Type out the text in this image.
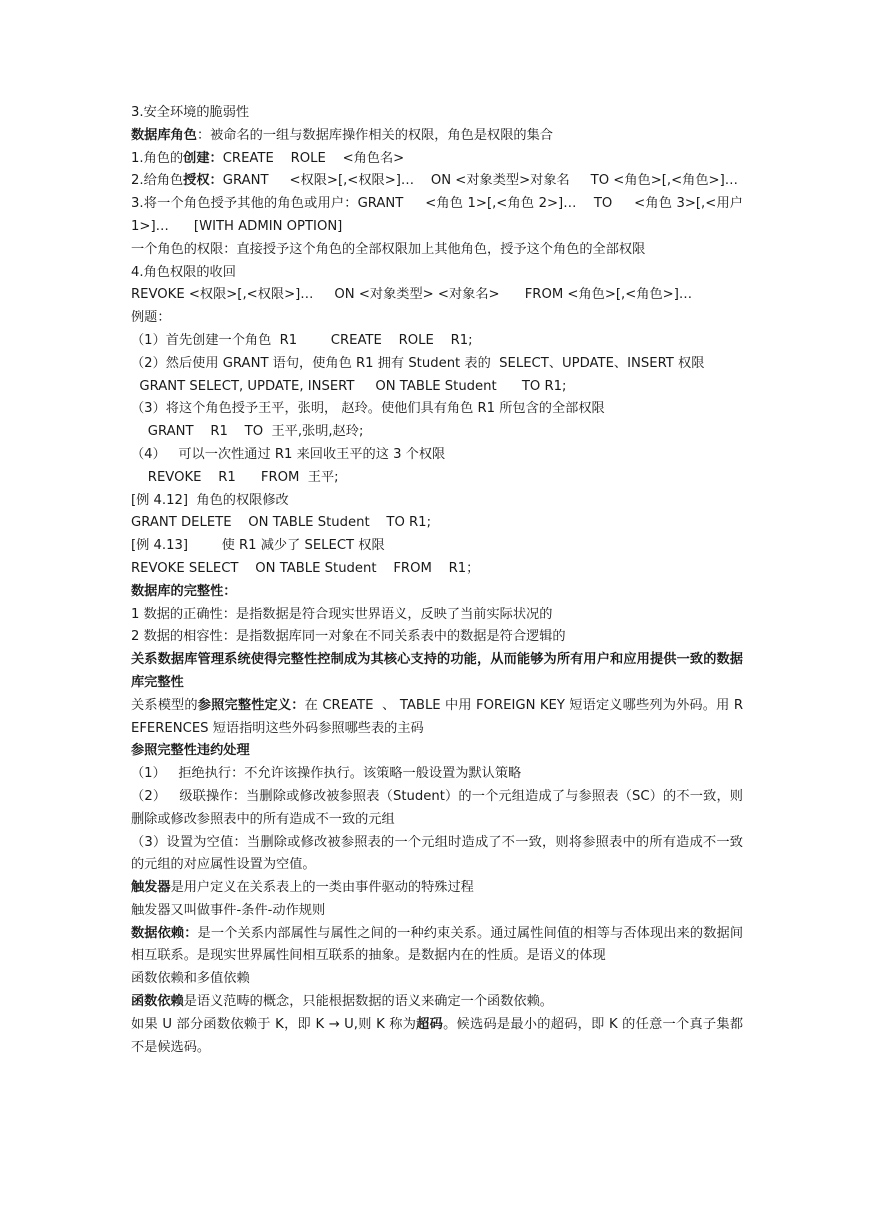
3.安全环境的脆弱性
数据库角色：被命名的一组与数据库操作相关的权限，角色是权限的集合
1.角色的创建：CREATE    ROLE    <角色名>
2.给角色授权：GRANT     <权限>[,<权限>]…    ON <对象类型>对象名     TO <角色>[,<角色>]…
3.将一个角色授予其他的角色或用户：GRANT     <角色 1>[,<角色 2>]…    TO     <角色 3>[,<用户 1>]…      [WITH ADMIN OPTION]
一个角色的权限：直接授予这个角色的全部权限加上其他角色，授予这个角色的全部权限
4.角色权限的收回
REVOKE <权限>[,<权限>]…     ON <对象类型> <对象名>      FROM <角色>[,<角色>]…
例题：
（1）首先创建一个角色  R1        CREATE    ROLE    R1;
（2）然后使用 GRANT 语句，使角色 R1 拥有 Student 表的  SELECT、UPDATE、INSERT 权限
GRANT SELECT, UPDATE, INSERT     ON TABLE Student      TO R1;
（3）将这个角色授予王平，张明， 赵玲。使他们具有角色 R1 所包含的全部权限
GRANT    R1    TO  王平,张明,赵玲;
（4）   可以一次性通过 R1 来回收王平的这 3 个权限
REVOKE    R1      FROM  王平;
[例 4.12]  角色的权限修改
GRANT DELETE    ON TABLE Student    TO R1;
[例 4.13]        使 R1 减少了 SELECT 权限
REVOKE SELECT    ON TABLE Student    FROM    R1；
数据库的完整性：
1 数据的正确性：是指数据是符合现实世界语义，反映了当前实际状况的
2 数据的相容性：是指数据库同一对象在不同关系表中的数据是符合逻辑的
关系数据库管理系统使得完整性控制成为其核心支持的功能，从而能够为所有用户和应用提供一致的数据库完整性
关系模型的参照完整性定义：在 CREATE  、 TABLE 中用 FOREIGN KEY 短语定义哪些列为外码。用 REFERENCES 短语指明这些外码参照哪些表的主码
参照完整性违约处理
（1）   拒绝执行：不允许该操作执行。该策略一般设置为默认策略
（2）   级联操作：当删除或修改被参照表（Student）的一个元组造成了与参照表（SC）的不一致，则删除或修改参照表中的所有造成不一致的元组
（3）设置为空值：当删除或修改被参照表的一个元组时造成了不一致，则将参照表中的所有造成不一致的元组的对应属性设置为空值。
触发器是用户定义在关系表上的一类由事件驱动的特殊过程
触发器又叫做事件-条件-动作规则
数据依赖：是一个关系内部属性与属性之间的一种约束关系。通过属性间值的相等与否体现出来的数据间相互联系。是现实世界属性间相互联系的抽象。是数据内在的性质。是语义的体现
函数依赖和多值依赖
函数依赖是语义范畴的概念，只能根据数据的语义来确定一个函数依赖。
如果 U 部分函数依赖于 K，即 K → U,则 K 称为超码。候选码是最小的超码，即 K 的任意一个真子集都不是候选码。
